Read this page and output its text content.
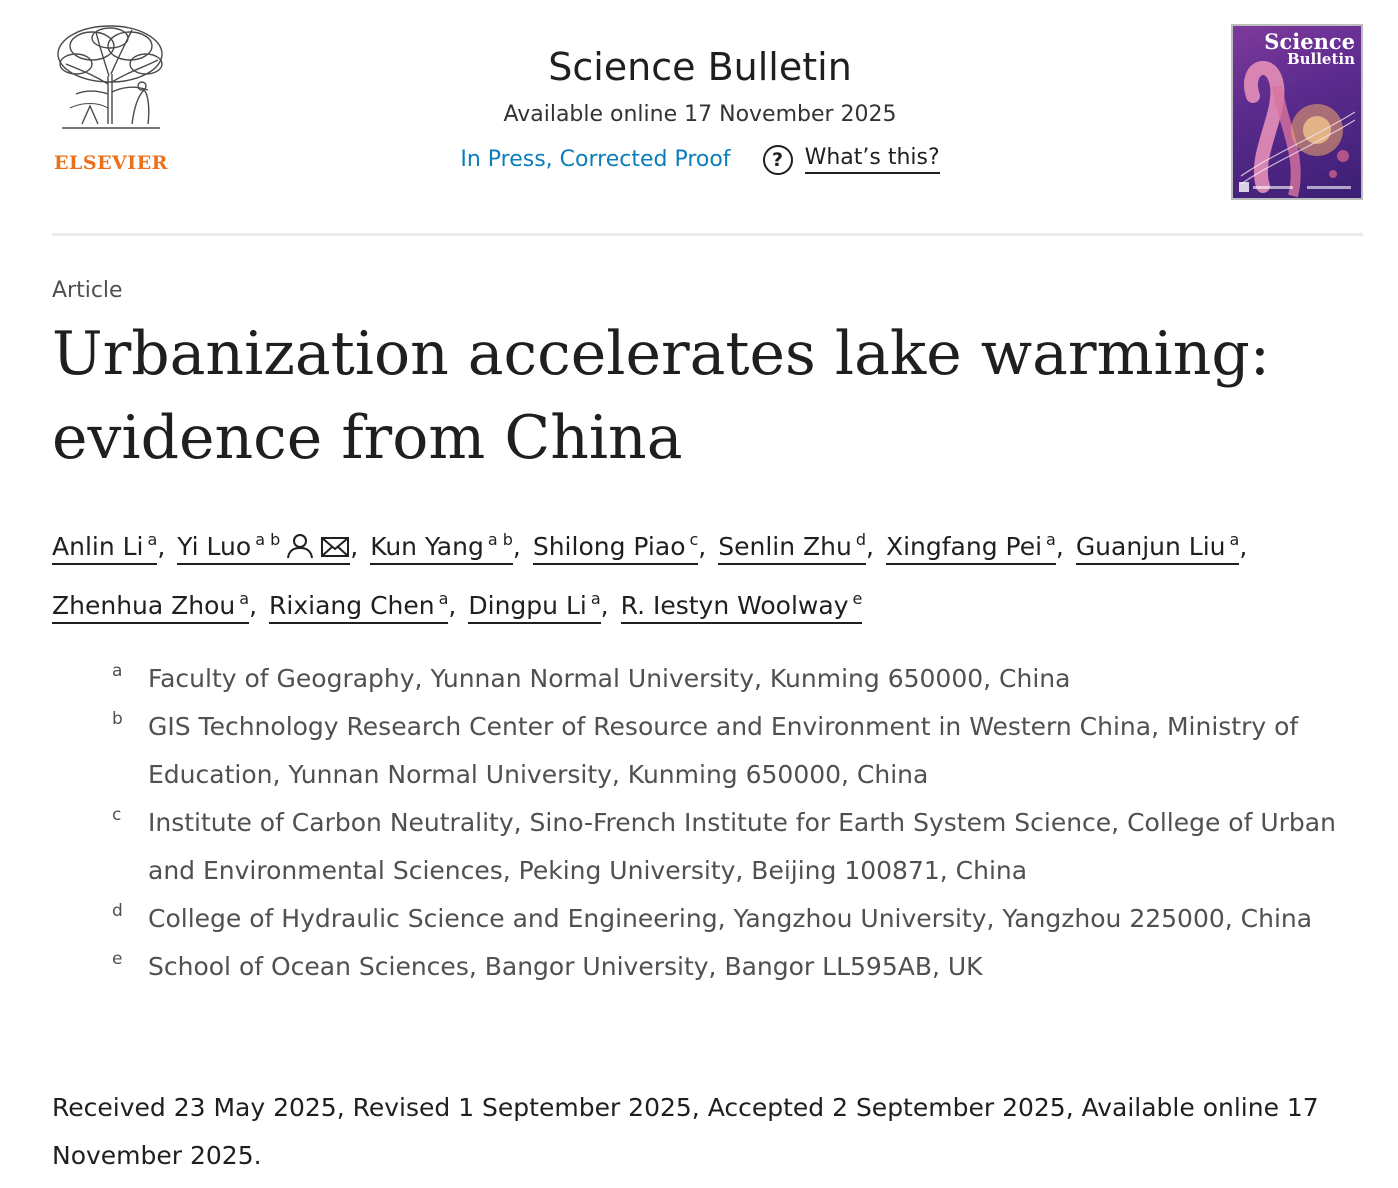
ELSEVIER
Science Bulletin
Available online 17 November 2025
In Press, Corrected Proof	? What’s this?
Science
Bulletin
Article
Urbanization accelerates lake warming: evidence from China
Anlin Li $^a$, Yi Luo $^{a b}$	, Kun Yang $^{a b}$, Shilong Piao $^c$, Senlin Zhu $^d$, Xingfang Pei $^a$, Guanjun Liu $^a$,
Zhenhua Zhou $^a$, Rixiang Chen $^a$, Dingpu Li $^a$, R. Iestyn Woolway $^e$
a Faculty of Geography, Yunnan Normal University, Kunming 650000, China
b GIS Technology Research Center of Resource and Environment in Western China, Ministry of Education, Yunnan Normal University, Kunming 650000, China
c Institute of Carbon Neutrality, Sino-French Institute for Earth System Science, College of Urban and Environmental Sciences, Peking University, Beijing 100871, China
d College of Hydraulic Science and Engineering, Yangzhou University, Yangzhou 225000, China
e School of Ocean Sciences, Bangor University, Bangor LL595AB, UK
Received 23 May 2025, Revised 1 September 2025, Accepted 2 September 2025, Available online 17 November 2025.
